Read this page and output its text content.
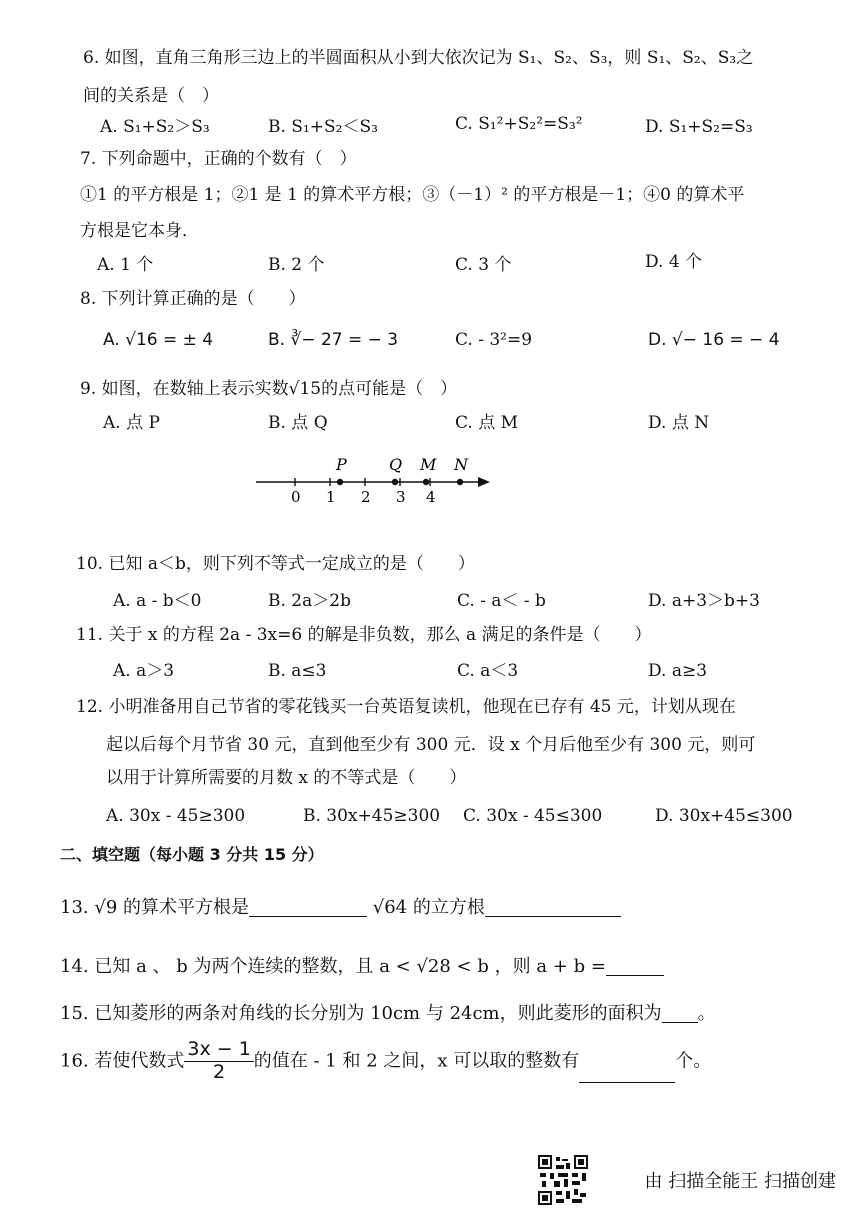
6. 如图，直角三角形三边上的半圆面积从小到大依次记为 S₁、S₂、S₃，则 S₁、S₂、S₃之
间的关系是（　）
A. S₁+S₂＞S₃	B. S₁+S₂＜S₃	C. S₁²+S₂²=S₃²	D. S₁+S₂=S₃
7. 下列命题中，正确的个数有（　）
①1 的平方根是 1；②1 是 1 的算术平方根；③（－1）² 的平方根是－1；④0 的算术平
方根是它本身．
A. 1 个	B. 2 个	C. 3 个	D. 4 个
8. 下列计算正确的是（　　）
A. √16 = ± 4	B. ∛− 27 = − 3	C. - 3²=9	D. √− 16 = − 4
9. 如图，在数轴上表示实数√15的点可能是（　）
A. 点 P	B. 点 Q	C. 点 M	D. 点 N
0 1 2 3 4
P	Q M N
10. 已知 a＜b，则下列不等式一定成立的是（　　）
A. a - b＜0	B. 2a＞2b	C. - a＜ - b	D. a+3＞b+3
11. 关于 x 的方程 2a - 3x=6 的解是非负数，那么 a 满足的条件是（　　）
A. a＞3	B. a≤3	C. a＜3	D. a≥3
12. 小明准备用自己节省的零花钱买一台英语复读机，他现在已存有 45 元，计划从现在
起以后每个月节省 30 元，直到他至少有 300 元．设 x 个月后他至少有 300 元，则可
以用于计算所需要的月数 x 的不等式是（　　）
A. 30x - 45≥300	B. 30x+45≥300 C. 30x - 45≤300	D. 30x+45≤300
二、填空题（每小题 3 分共 15 分）
13. √9 的算术平方根是	√64 的立方根
14. 已知 a 、 b 为两个连续的整数，且 a < √28 < b ，则 a + b =
15. 已知菱形的两条对角线的长分别为 10cm 与 24cm，则此菱形的面积为 。
16. 若使代数式 $\frac{3x - 1}{2}$ 的值在 - 1 和 2 之间，x 可以取的整数有	个。
由 扫描全能王 扫描创建
